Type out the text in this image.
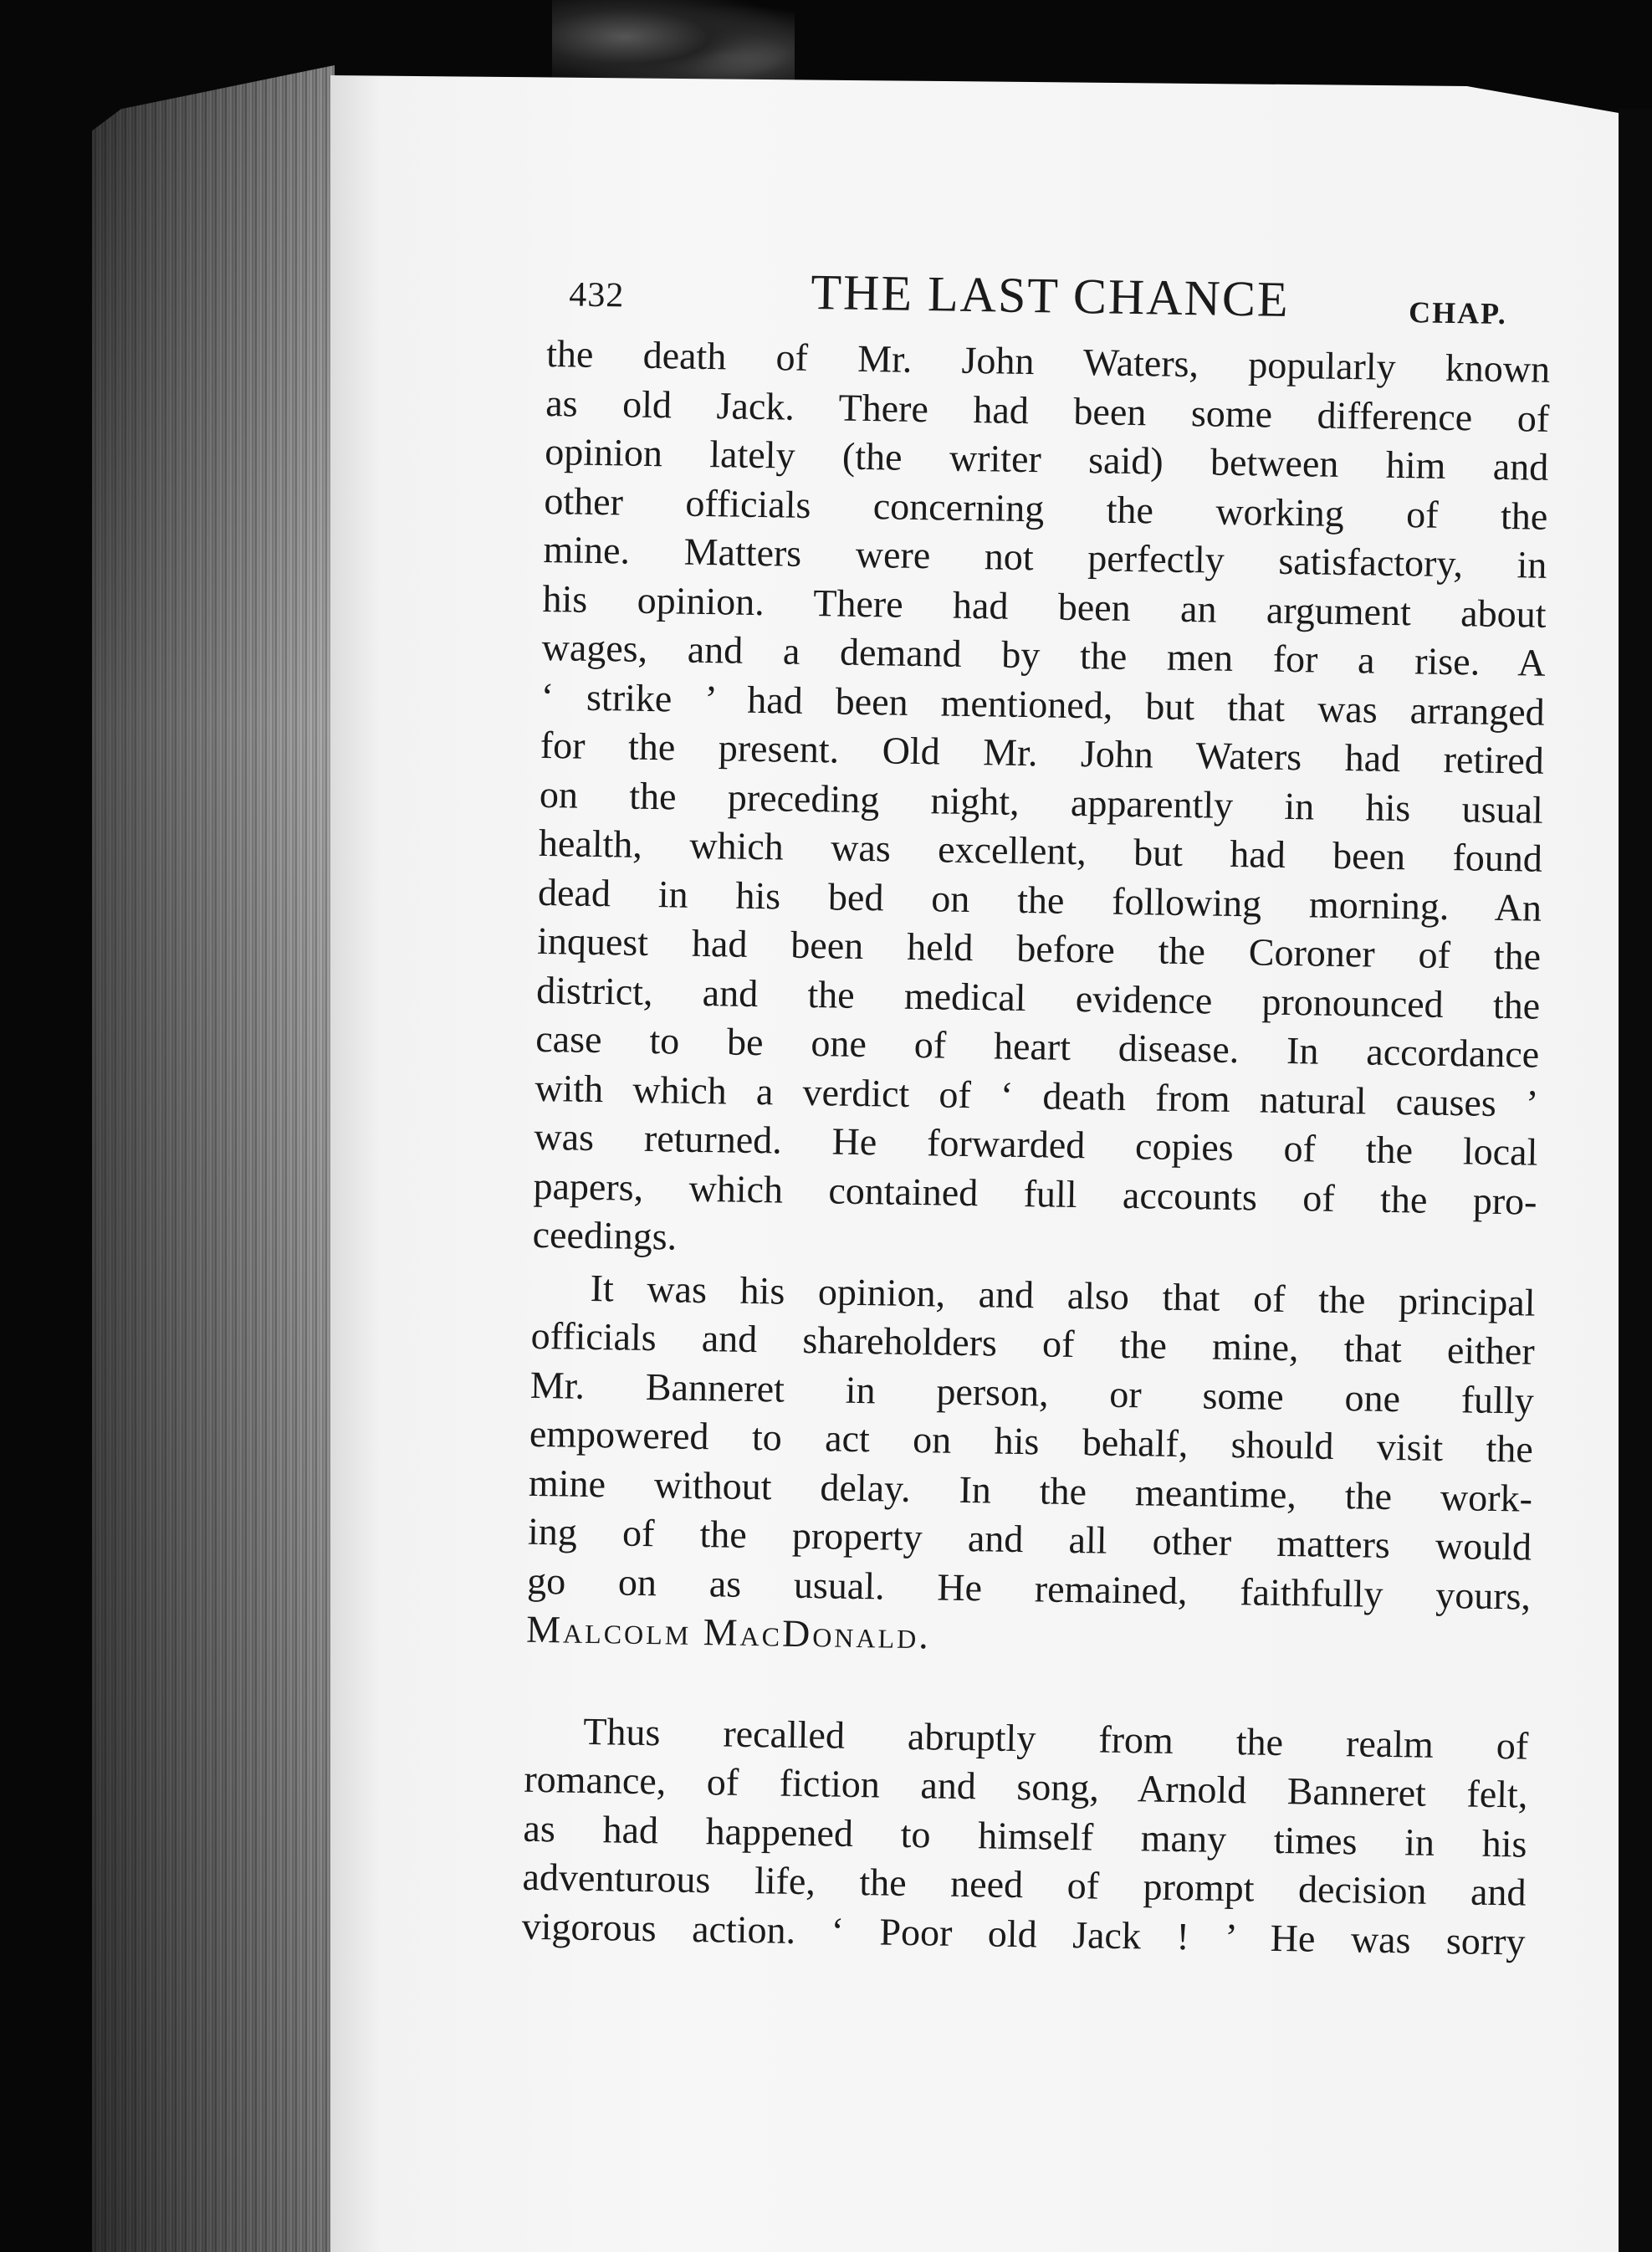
432	THE LAST CHANCE	CHAP.
the death of Mr. John Waters, popularly known
as old Jack. There had been some difference of
opinion lately (the writer said) between him and
other officials concerning the working of the
mine. Matters were not perfectly satisfactory, in
his opinion. There had been an argument about
wages, and a demand by the men for a rise. A
‘ strike ’ had been mentioned, but that was arranged
for the present. Old Mr. John Waters had retired
on the preceding night, apparently in his usual
health, which was excellent, but had been found
dead in his bed on the following morning. An
inquest had been held before the Coroner of the
district, and the medical evidence pronounced the
case to be one of heart disease. In accordance
with which a verdict of ‘ death from natural causes ’
was returned. He forwarded copies of the local
papers, which contained full accounts of the pro-
ceedings.
It was his opinion, and also that of the principal
officials and shareholders of the mine, that either
Mr. Banneret in person, or some one fully
empowered to act on his behalf, should visit the
mine without delay. In the meantime, the work-
ing of the property and all other matters would
go on as usual. He remained, faithfully yours,
Malcolm MacDonald.
Thus recalled abruptly from the realm of
romance, of fiction and song, Arnold Banneret felt,
as had happened to himself many times in his
adventurous life, the need of prompt decision and
vigorous action. ‘ Poor old Jack ! ’ He was sorry
